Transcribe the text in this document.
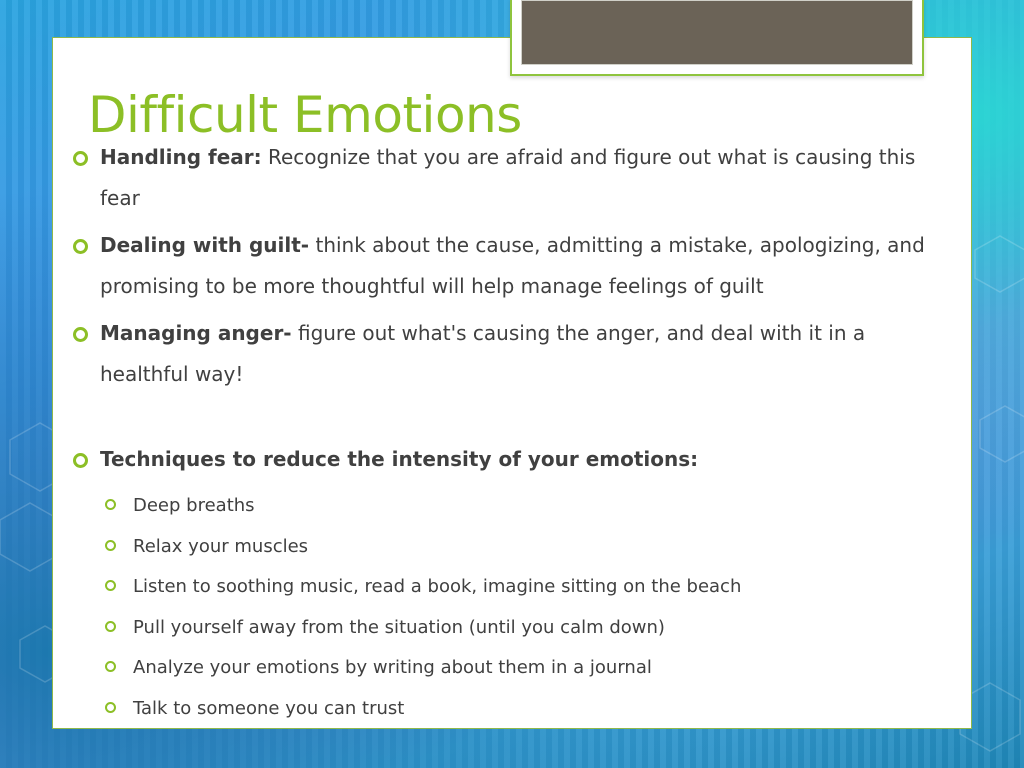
Difficult Emotions
Handling fear: Recognize that you are afraid and figure out what is causing this fear
Dealing with guilt- think about the cause, admitting a mistake, apologizing, and promising to be more thoughtful will help manage feelings of guilt
Managing anger- figure out what's causing the anger, and deal with it in a healthful way!
Techniques to reduce the intensity of your emotions:
Deep breaths
Relax your muscles
Listen to soothing music, read a book, imagine sitting on the beach
Pull yourself away from the situation (until you calm down)
Analyze your emotions by writing about them in a journal
Talk to someone you can trust
